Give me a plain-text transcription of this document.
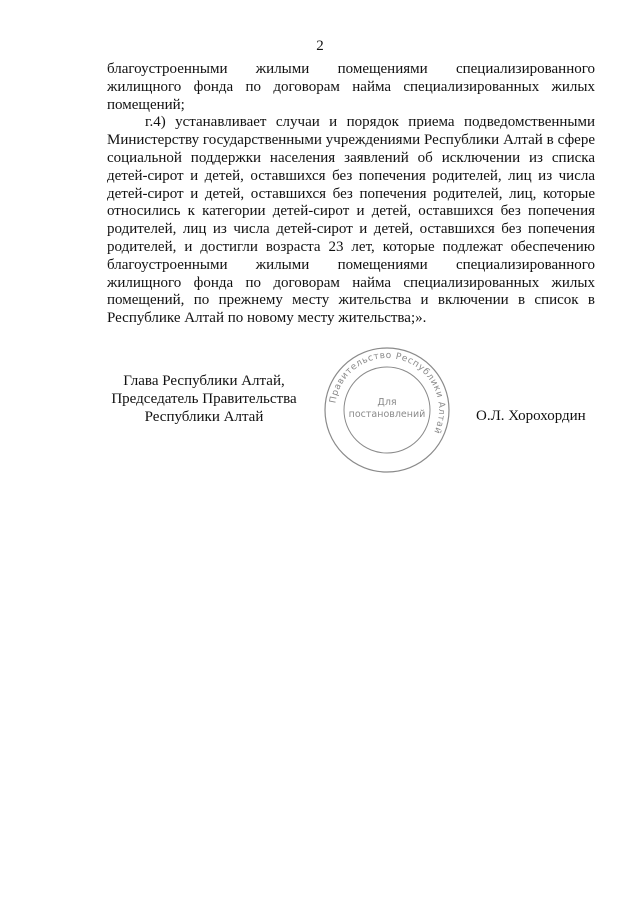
2

благоустроенными жилыми помещениями специализированного жилищного фонда по договорам найма специализированных жилых помещений;

г.4) устанавливает случаи и порядок приема подведомственными Министерству государственными учреждениями Республики Алтай в сфере социальной поддержки населения заявлений об исключении из списка детей-сирот и детей, оставшихся без попечения родителей, лиц из числа детей-сирот и детей, оставшихся без попечения родителей, лиц, которые относились к категории детей-сирот и детей, оставшихся без попечения родителей, лиц из числа детей-сирот и детей, оставшихся без попечения родителей, и достигли возраста 23 лет, которые подлежат обеспечению благоустроенными жилыми помещениями специализированного жилищного фонда по договорам найма специализированных жилых помещений, по прежнему месту жительства и включении в список в Республике Алтай по новому месту жительства;».

Глава Республики Алтай,
Председатель Правительства
Республики Алтай
Правительство Республики Алтай
Для
постановлений	О.Л. Хорохордин
